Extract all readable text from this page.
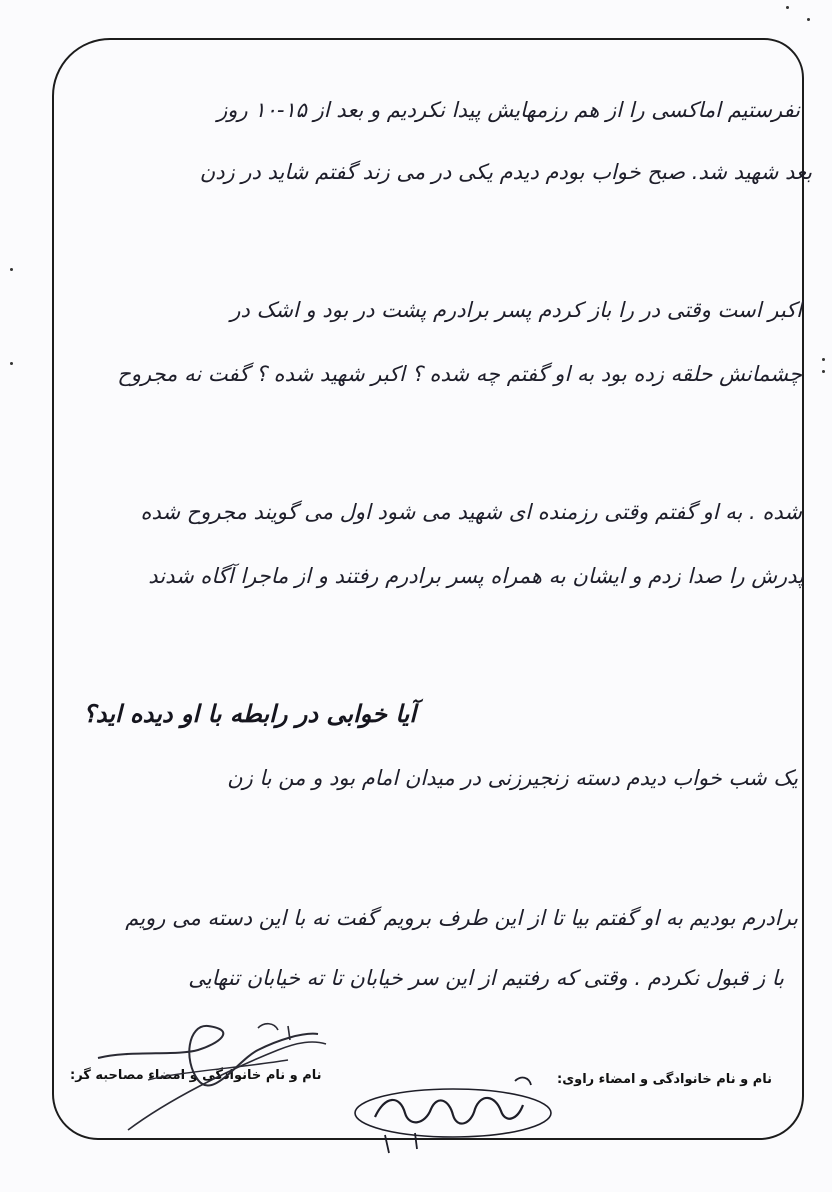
نفرستیم اماکسی را از هم رزمهایش پیدا نکردیم و بعد از ۱۵-۱۰ روز
بعد شهید شد. صبح خواب بودم دیدم یکی در می زند گفتم شاید در زدن
اکبر است وقتی در را باز کردم پسر برادرم پشت در بود و اشک در
چشمانش حلقه زده بود به او گفتم چه شده ؟ اکبر شهید شده ؟ گفت نه مجروح
شده . به او گفتم وقتی رزمنده ای شهید می شود اول می گویند مجروح شده
پدرش را صدا زدم و ایشان به همراه پسر برادرم رفتند و از ماجرا آگاه شدند
آیا خوابی در رابطه با او دیده اید؟
یک شب خواب دیدم دسته زنجیرزنی در میدان امام بود و من با زن
برادرم بودیم به او گفتم بیا تا از این طرف برویم گفت نه با این دسته می رویم
با ز قبول نکردم . وقتی که رفتیم از این سر خیابان تا ته خیابان تنهایی
نام و نام خانوادگی و امضاء راوی:
نام و نام خانوادگی و امضاء مصاحبه گر:
